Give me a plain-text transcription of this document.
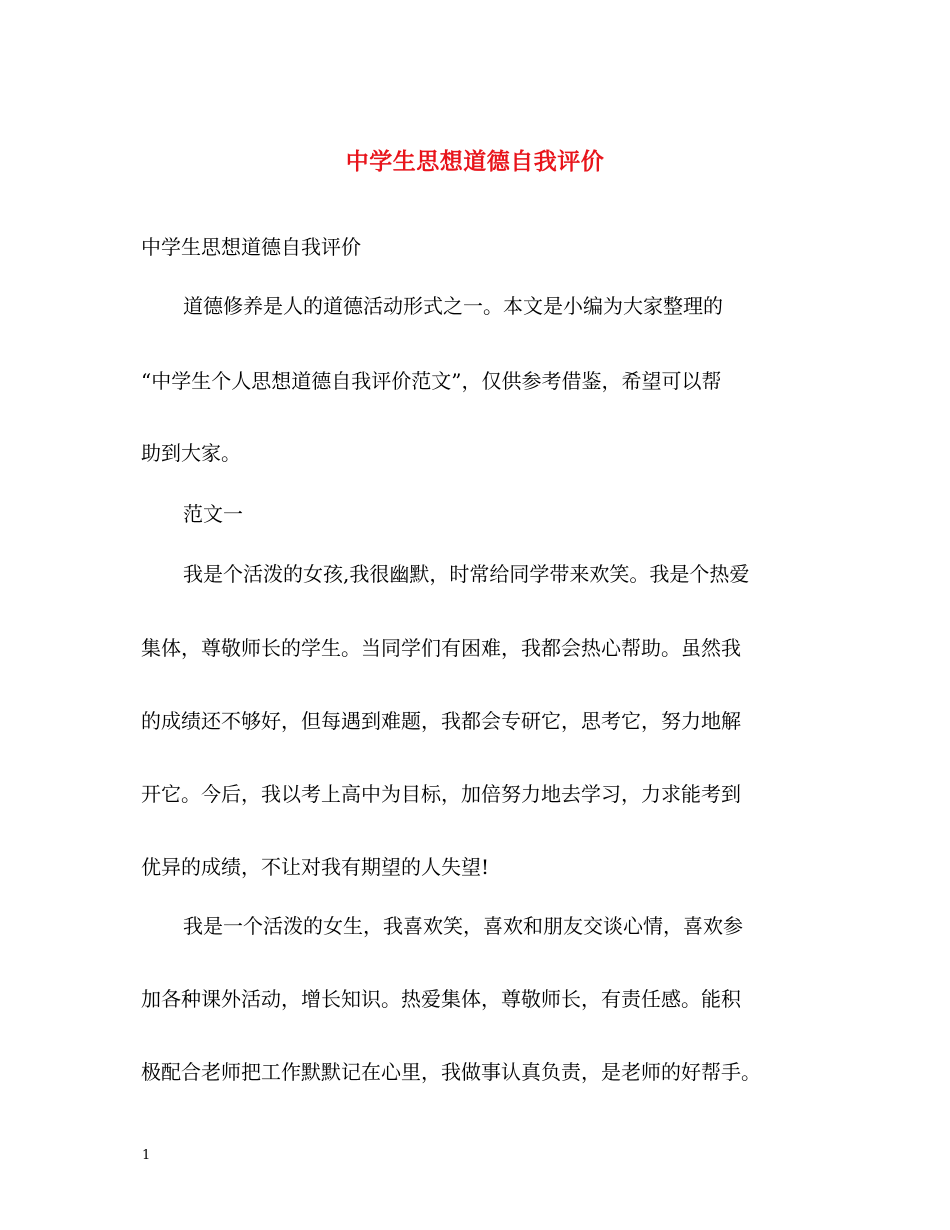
中学生思想道德自我评价
中学生思想道德自我评价
道德修养是人的道德活动形式之一。本文是小编为大家整理的
“中学生个人思想道德自我评价范文”，仅供参考借鉴，希望可以帮
助到大家。
范文一
我是个活泼的女孩,我很幽默，时常给同学带来欢笑。我是个热爱
集体，尊敬师长的学生。当同学们有困难，我都会热心帮助。虽然我
的成绩还不够好，但每遇到难题，我都会专研它，思考它，努力地解
开它。今后，我以考上高中为目标，加倍努力地去学习，力求能考到
优异的成绩，不让对我有期望的人失望!
我是一个活泼的女生，我喜欢笑，喜欢和朋友交谈心情，喜欢参
加各种课外活动，增长知识。热爱集体，尊敬师长，有责任感。能积
极配合老师把工作默默记在心里，我做事认真负责，是老师的好帮手。
1
